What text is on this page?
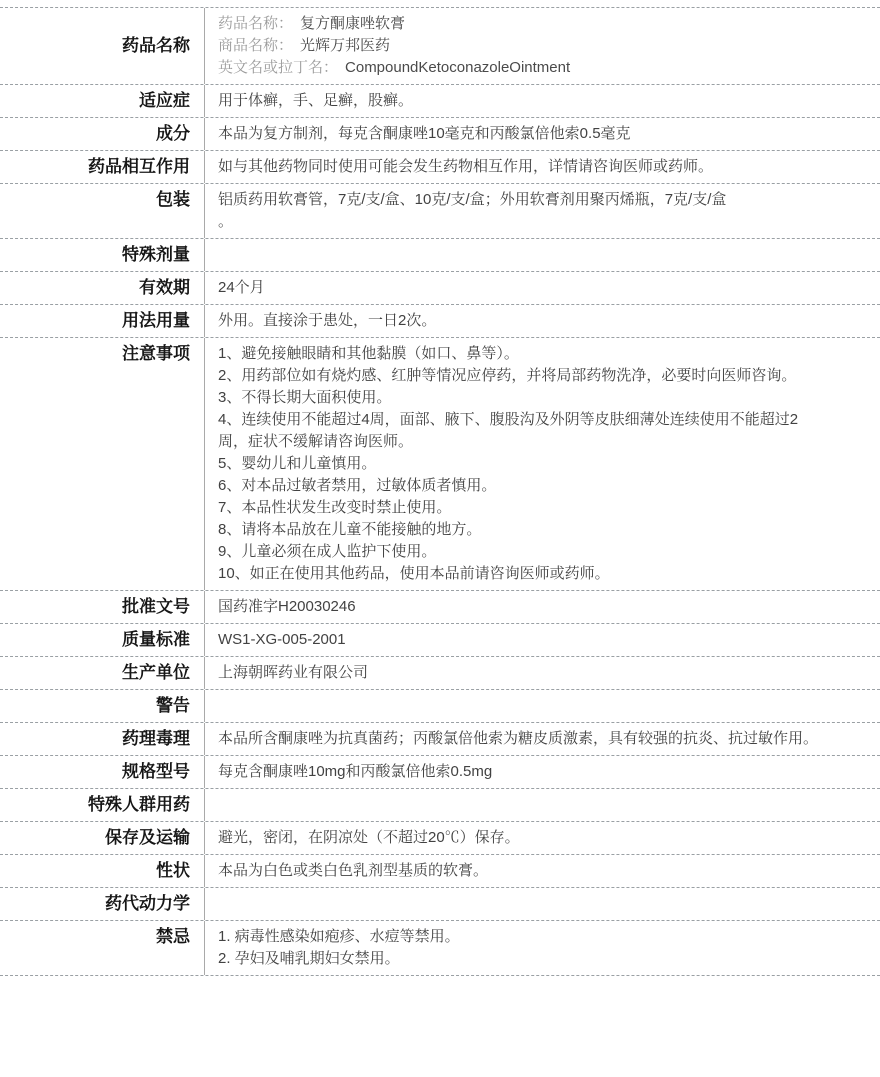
药品名称
药品名称： 复方酮康唑软膏
商品名称： 光辉万邦医药
英文名或拉丁名： CompoundKetoconazoleOintment
适应症	用于体癣，手、足癣，股癣。
成分	本品为复方制剂，每克含酮康唑10毫克和丙酸氯倍他索0.5毫克
药品相互作用	如与其他药物同时使用可能会发生药物相互作用，详情请咨询医师或药师。
包装	铝质药用软膏管，7克/支/盒、10克/支/盒；外用软膏剂用聚丙烯瓶，7克/支/盒
。
特殊剂量
有效期	24个月
用法用量	外用。直接涂于患处，一日2次。
注意事项	1、避免接触眼睛和其他黏膜（如口、鼻等）。
2、用药部位如有烧灼感、红肿等情况应停药，并将局部药物洗净，必要时向医师咨询。
3、不得长期大面积使用。
4、连续使用不能超过4周，面部、腋下、腹股沟及外阴等皮肤细薄处连续使用不能超过2
周，症状不缓解请咨询医师。
5、婴幼儿和儿童慎用。
6、对本品过敏者禁用，过敏体质者慎用。
7、本品性状发生改变时禁止使用。
8、请将本品放在儿童不能接触的地方。
9、儿童必须在成人监护下使用。
10、如正在使用其他药品，使用本品前请咨询医师或药师。
批准文号	国药准字H20030246
质量标准	WS1-XG-005-2001
生产单位	上海朝晖药业有限公司
警告
药理毒理	本品所含酮康唑为抗真菌药；丙酸氯倍他索为糖皮质激素，具有较强的抗炎、抗过敏作用。
规格型号	每克含酮康唑10mg和丙酸氯倍他索0.5mg
特殊人群用药
保存及运输	避光，密闭，在阴凉处（不超过20℃）保存。
性状	本品为白色或类白色乳剂型基质的软膏。
药代动力学
禁忌	1. 病毒性感染如疱疹、水痘等禁用。
2. 孕妇及哺乳期妇女禁用。
